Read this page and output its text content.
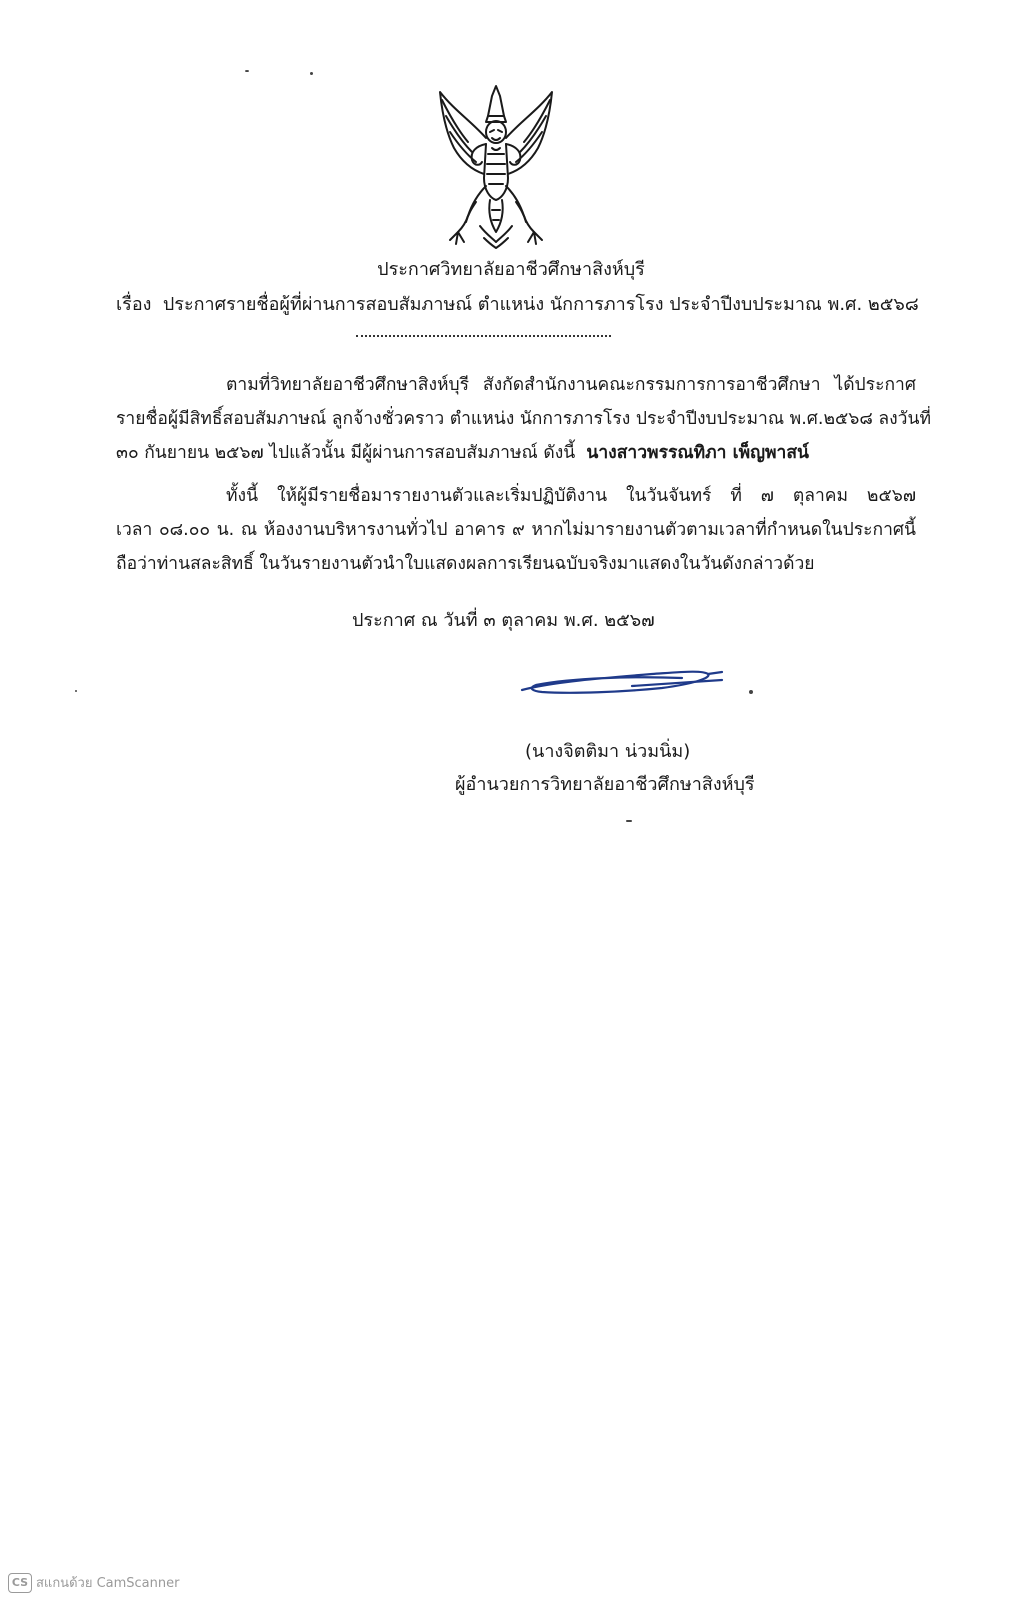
ประกาศวิทยาลัยอาชีวศึกษาสิงห์บุรี
เรื่อง ประกาศรายชื่อผู้ที่ผ่านการสอบสัมภาษณ์ ตำแหน่ง นักการภารโรง ประจำปีงบประมาณ พ.ศ. ๒๕๖๘
ตามที่วิทยาลัยอาชีวศึกษาสิงห์บุรี สังกัดสำนักงานคณะกรรมการการอาชีวศึกษา ได้ประกาศ
รายชื่อผู้มีสิทธิ์สอบสัมภาษณ์ ลูกจ้างชั่วคราว ตำแหน่ง นักการภารโรง ประจำปีงบประมาณ พ.ศ.๒๕๖๘ ลงวันที่
๓๐ กันยายน ๒๕๖๗ ไปแล้วนั้น มีผู้ผ่านการสอบสัมภาษณ์ ดังนี้ นางสาวพรรณทิภา เพ็ญพาสน์
ทั้งนี้ ให้ผู้มีรายชื่อมารายงานตัวและเริ่มปฏิบัติงาน ในวันจันทร์ ที่ ๗ ตุลาคม ๒๕๖๗
เวลา ๐๘.๐๐ น. ณ ห้องงานบริหารงานทั่วไป อาคาร ๙ หากไม่มารายงานตัวตามเวลาที่กำหนดในประกาศนี้
ถือว่าท่านสละสิทธิ์ ในวันรายงานตัวนำใบแสดงผลการเรียนฉบับจริงมาแสดงในวันดังกล่าวด้วย
ประกาศ ณ วันที่ ๓ ตุลาคม พ.ศ. ๒๕๖๗
(นางจิตติมา น่วมนิ่ม)
ผู้อำนวยการวิทยาลัยอาชีวศึกษาสิงห์บุรี
CS สแกนด้วย CamScanner
